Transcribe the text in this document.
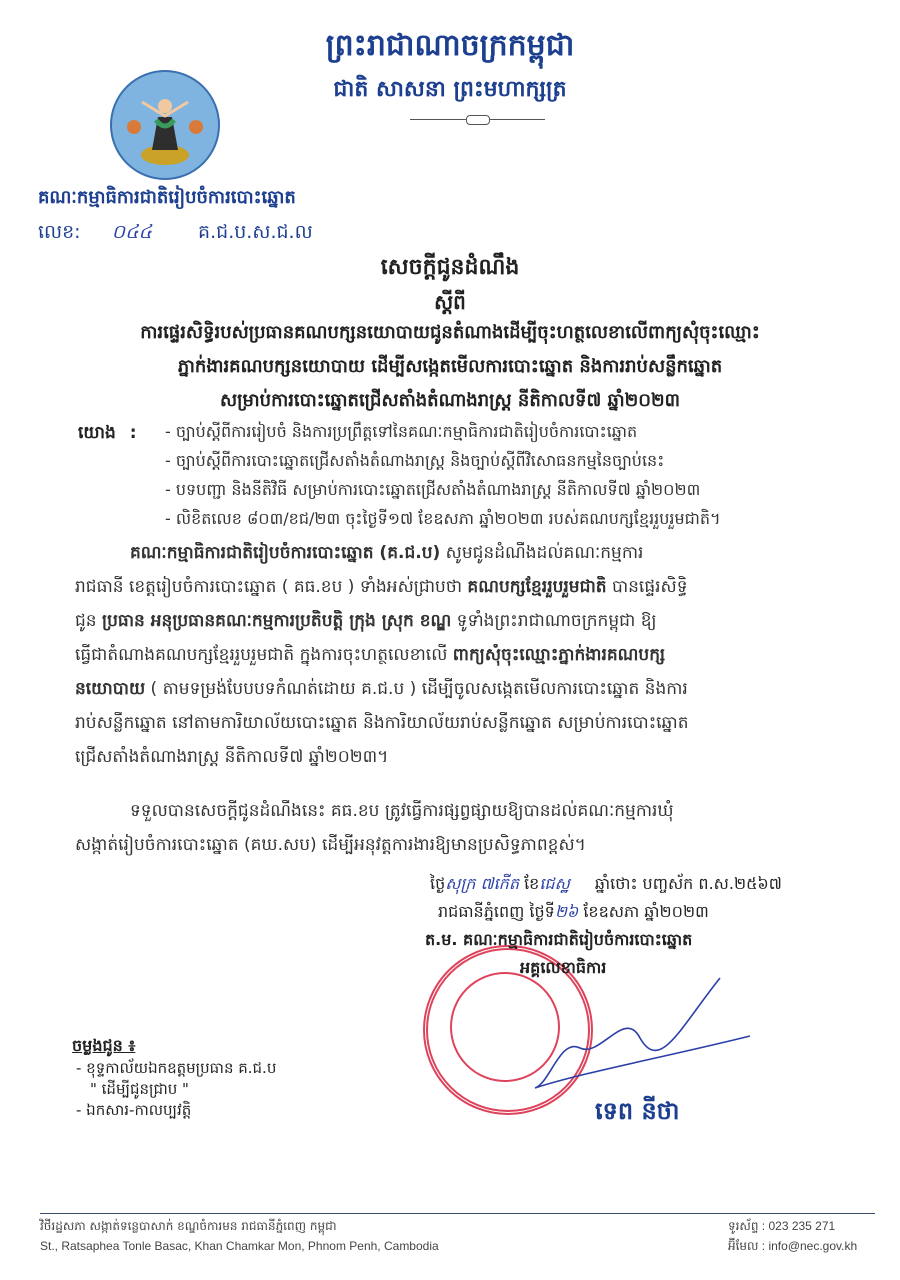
ព្រះរាជាណាចក្រកម្ពុជា
ជាតិ សាសនា ព្រះមហាក្សត្រ
គណៈកម្មាធិការជាតិរៀបចំការបោះឆ្នោត
លេខ: ០៤៤ គ.ជ.ប.ស.ជ.ល
សេចក្ដីជូនដំណឹង
ស្ដីពី
ការផ្ទេរសិទ្ធិរបស់ប្រធានគណបក្សនយោបាយជូនតំណាងដើម្បីចុះហត្ថលេខាលើពាក្យសុំចុះឈ្មោះ
ភ្នាក់ងារគណបក្សនយោបាយ ដើម្បីសង្កេតមើលការបោះឆ្នោត និងការរាប់សន្លឹកឆ្នោត
សម្រាប់ការបោះឆ្នោតជ្រើសតាំងតំណាងរាស្ត្រ នីតិកាលទី៧ ឆ្នាំ២០២៣
យោង : - ច្បាប់ស្ដីពីការរៀបចំ និងការប្រព្រឹត្តទៅនៃគណៈកម្មាធិការជាតិរៀបចំការបោះឆ្នោត
- ច្បាប់ស្ដីពីការបោះឆ្នោតជ្រើសតាំងតំណាងរាស្ត្រ និងច្បាប់ស្ដីពីវិសោធនកម្មនៃច្បាប់នេះ
- បទបញ្ជា និងនីតិវិធី សម្រាប់ការបោះឆ្នោតជ្រើសតាំងតំណាងរាស្ត្រ នីតិកាលទី៧ ឆ្នាំ២០២៣
- លិខិតលេខ ៨០៣/ខជ/២៣ ចុះថ្ងៃទី១៧ ខែឧសភា ឆ្នាំ២០២៣ របស់គណបក្សខ្មែររួបរួមជាតិ។
គណៈកម្មាធិការជាតិរៀបចំការបោះឆ្នោត (គ.ជ.ប) សូមជូនដំណឹងដល់គណៈកម្មការ
រាជធានី ខេត្តរៀបចំការបោះឆ្នោត ( គធ.ខប ) ទាំងអស់ជ្រាបថា គណបក្សខ្មែររួបរួមជាតិ បានផ្ទេរសិទ្ធិ
ជូន ប្រធាន អនុប្រធានគណៈកម្មការប្រតិបត្តិ ក្រុង ស្រុក ខណ្ឌ ទូទាំងព្រះរាជាណាចក្រកម្ពុជា ឱ្យ
ធ្វើជាតំណាងគណបក្សខ្មែររួបរួមជាតិ ក្នុងការចុះហត្ថលេខាលើ ពាក្យសុំចុះឈ្មោះភ្នាក់ងារគណបក្ស
នយោបាយ ( តាមទម្រង់បែបបទកំណត់ដោយ គ.ជ.ប ) ដើម្បីចូលសង្កេតមើលការបោះឆ្នោត និងការ
រាប់សន្លឹកឆ្នោត នៅតាមការិយាល័យបោះឆ្នោត និងការិយាល័យរាប់សន្លឹកឆ្នោត សម្រាប់ការបោះឆ្នោត
ជ្រើសតាំងតំណាងរាស្ត្រ នីតិកាលទី៧ ឆ្នាំ២០២៣។
ទទួលបានសេចក្ដីជូនដំណឹងនេះ គធ.ខប ត្រូវធ្វើការផ្សព្វផ្សាយឱ្យបានដល់គណៈកម្មការឃុំ
សង្កាត់រៀបចំការបោះឆ្នោត (គឃ.សប) ដើម្បីអនុវត្តការងារឱ្យមានប្រសិទ្ធភាពខ្ពស់។
ថ្ងៃសុក្រ ៧កើត ខែជេស្ឋ ឆ្នាំថោះ បញ្ចស័ក ព.ស.២៥៦៧
រាជធានីភ្នំពេញ ថ្ងៃទី២៦ ខែឧសភា ឆ្នាំ២០២៣
ត.ម. គណៈកម្មាធិការជាតិរៀបចំការបោះឆ្នោត
អគ្គលេខាធិការ
ទេព នីថា
ចម្លងជូន ៖
- ខុទ្ទកាល័យឯកឧត្តមប្រធាន គ.ជ.ប
" ដើម្បីជូនជ្រាប "
- ឯកសារ-កាលប្បវត្តិ
វិថីរដ្ឋសភា សង្កាត់ទន្លេបាសាក់ ខណ្ឌចំការមន រាជធានីភ្នំពេញ កម្ពុជា
St., Ratsaphea Tonle Basac, Khan Chamkar Mon, Phnom Penh, Cambodia
ទូរស័ព្ទ : 023 235 271
អ៊ីមែល : info@nec.gov.kh
